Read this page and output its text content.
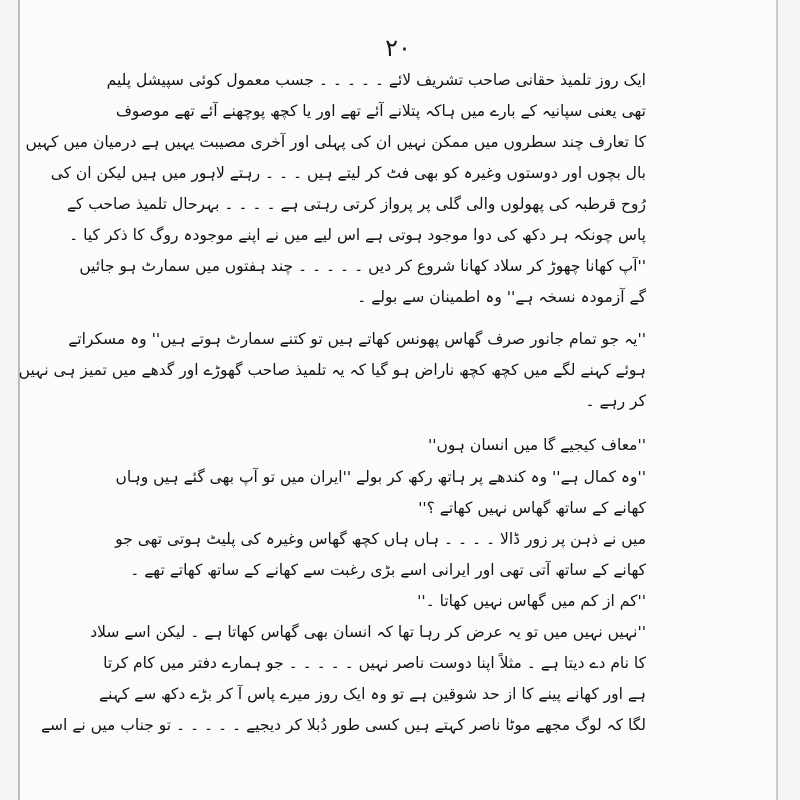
٢٠

ایک روز تلمیذ حقانی صاحب تشریف لائے ۔ ۔ ۔ ۔ ۔ جسب معمول کوئی سپیشل پلیم

تھی یعنی سپانیہ کے بارے میں ہاکہ پتلانے آئے تھے اور یا کچھ پوچھنے آئے تھے موصوف

کا تعارف چند سطروں میں ممکن نہیں ان کی پہلی اور آخری مصیبت یہیں ہے درمیان میں کہیں

بال بچوں اور دوستوں وغیرہ کو بھی فٹ کر لیتے ہیں ۔ ۔ ۔ رہتے لاہور میں ہیں لیکن ان کی

رُوح قرطبہ کی پھولوں والی گلی پر پرواز کرتی رہتی ہے ۔ ۔ ۔ ۔ بہرحال تلمیذ صاحب کے

پاس چونکہ ہر دکھ کی دوا موجود ہوتی ہے اس لیے میں نے اپنے موجودہ روگ کا ذکر کیا ۔

''آپ کھانا چھوڑ کر سلاد کھانا شروع کر دیں ۔ ۔ ۔ ۔ ۔ چند ہفتوں میں سمارٹ ہو جائیں

گے آزمودہ نسخہ ہے'' وہ اطمینان سے بولے ۔

''یہ جو تمام جانور صرف گھاس پھونس کھاتے ہیں تو کتنے سمارٹ ہوتے ہیں'' وہ مسکراتے

ہوئے کہنے لگے میں کچھ کچھ ناراض ہو گیا کہ یہ تلمیذ صاحب گھوڑے اور گدھے میں تمیز ہی نہیں

کر رہے ۔

''معاف کیجیے گا میں انسان ہوں''

''وہ کمال ہے'' وہ کندھے پر ہاتھ رکھ کر بولے ''ایران میں تو آپ بھی گئے ہیں وہاں

کھانے کے ساتھ گھاس نہیں کھاتے ؟''

میں نے ذہن پر زور ڈالا ۔ ۔ ۔ ۔ ہاں ہاں کچھ گھاس وغیرہ کی پلیٹ ہوتی تھی جو

کھانے کے ساتھ آتی تھی اور ایرانی اسے بڑی رغبت سے کھانے کے ساتھ کھاتے تھے ۔

''کم از کم میں گھاس نہیں کھاتا ۔''

''نہیں نہیں میں تو یہ عرض کر رہا تھا کہ انسان بھی گھاس کھاتا ہے ۔ لیکن اسے سلاد

کا نام دے دیتا ہے ۔ مثلاً اپنا دوست ناصر نہیں ۔ ۔ ۔ ۔ ۔ جو ہمارے دفتر میں کام کرتا

ہے اور کھانے پینے کا از حد شوقین ہے تو وہ ایک روز میرے پاس آ کر بڑے دکھ سے کہنے

لگا کہ لوگ مجھے موٹا ناصر کہتے ہیں کسی طور دُبلا کر دیجیے ۔ ۔ ۔ ۔ ۔ تو جناب میں نے اسے
